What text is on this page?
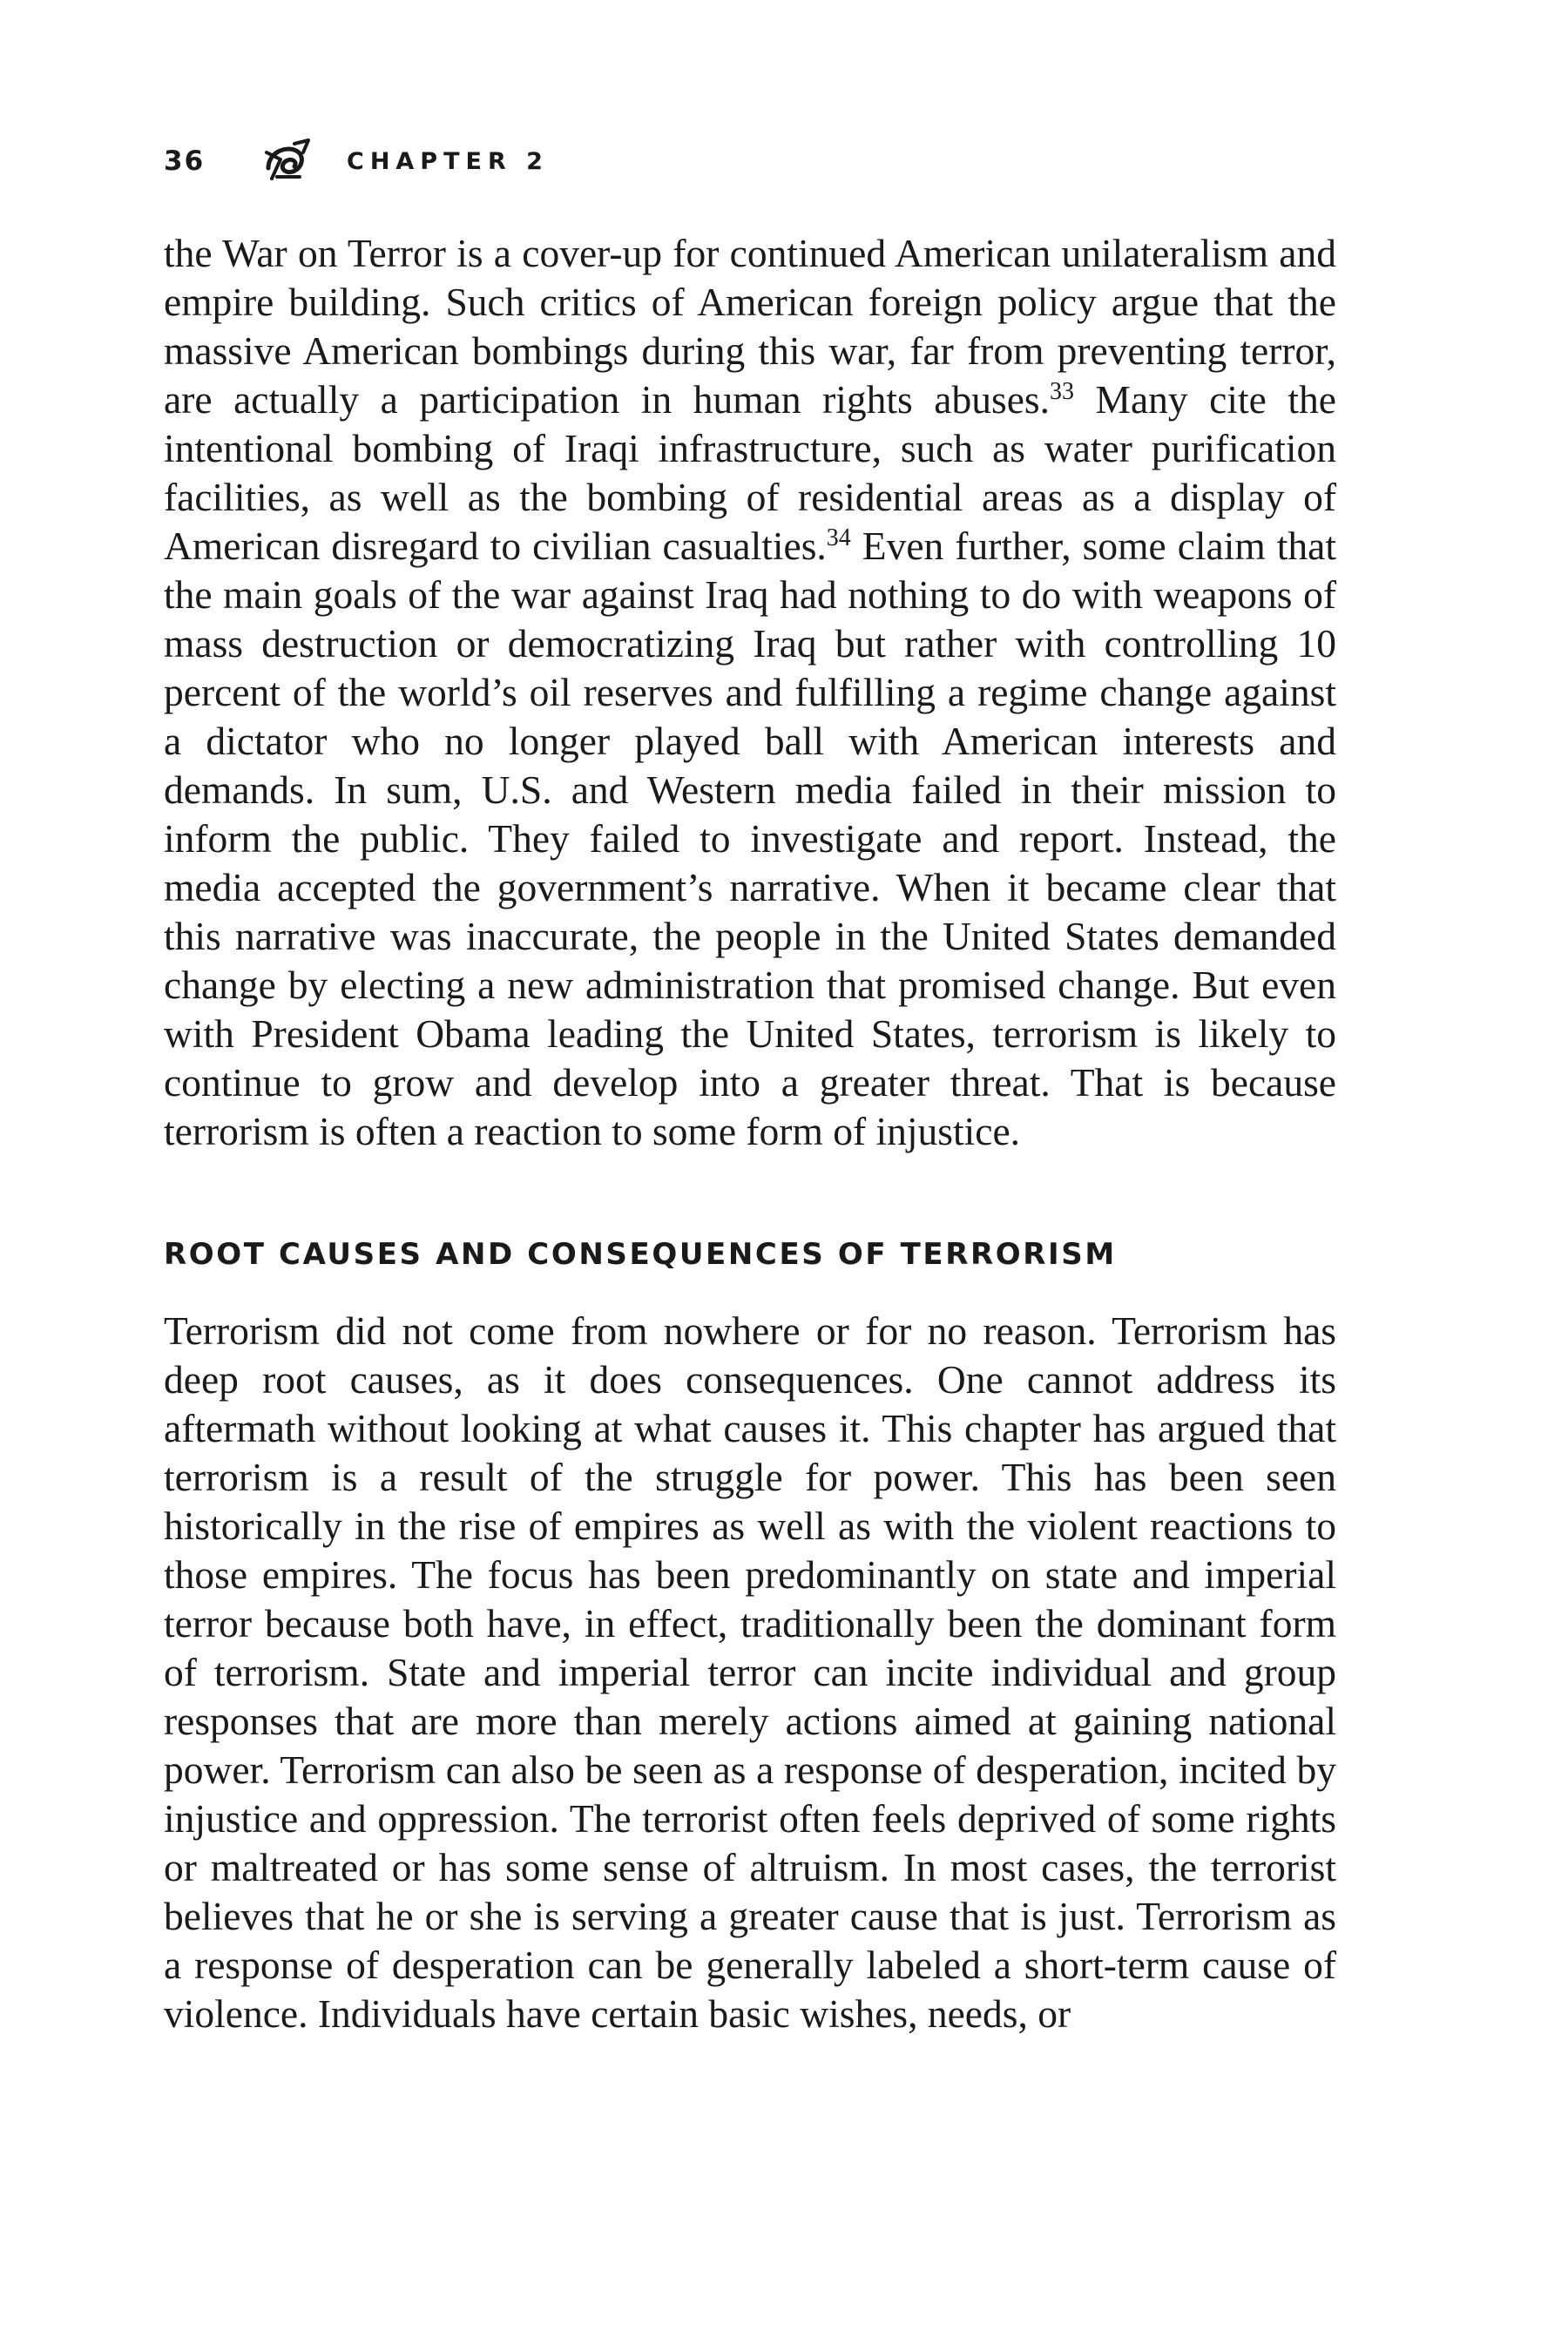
36	CHAPTER 2

the War on Terror is a cover-up for continued American unilateralism and empire building. Such critics of American foreign policy argue that the massive American bombings during this war, far from preventing terror, are actually a participation in human rights abuses.$^{33}$ Many cite the intentional bombing of Iraqi infrastructure, such as water purification facilities, as well as the bombing of residential areas as a display of American disregard to civilian casualties.$^{34}$ Even further, some claim that the main goals of the war against Iraq had nothing to do with weapons of mass destruction or democratizing Iraq but rather with controlling 10 percent of the world’s oil reserves and fulfilling a regime change against a dictator who no longer played ball with American interests and demands. In sum, U.S. and Western media failed in their mission to inform the public. They failed to investigate and report. Instead, the media accepted the government’s narrative. When it became clear that this narrative was inaccurate, the people in the United States demanded change by electing a new administration that promised change. But even with President Obama leading the United States, terrorism is likely to continue to grow and develop into a greater threat. That is because terrorism is often a reaction to some form of injustice.

ROOT CAUSES AND CONSEQUENCES OF TERRORISM

Terrorism did not come from nowhere or for no reason. Terrorism has deep root causes, as it does consequences. One cannot address its aftermath without looking at what causes it. This chapter has argued that terrorism is a result of the struggle for power. This has been seen historically in the rise of empires as well as with the violent reactions to those empires. The focus has been predominantly on state and imperial terror because both have, in effect, traditionally been the dominant form of terrorism. State and imperial terror can incite individual and group responses that are more than merely actions aimed at gaining national power. Terrorism can also be seen as a response of desperation, incited by injustice and oppression. The terrorist often feels deprived of some rights or maltreated or has some sense of altruism. In most cases, the terrorist believes that he or she is serving a greater cause that is just. Terrorism as a response of desperation can be generally labeled a short-term cause of violence. Individuals have certain basic wishes, needs, or
